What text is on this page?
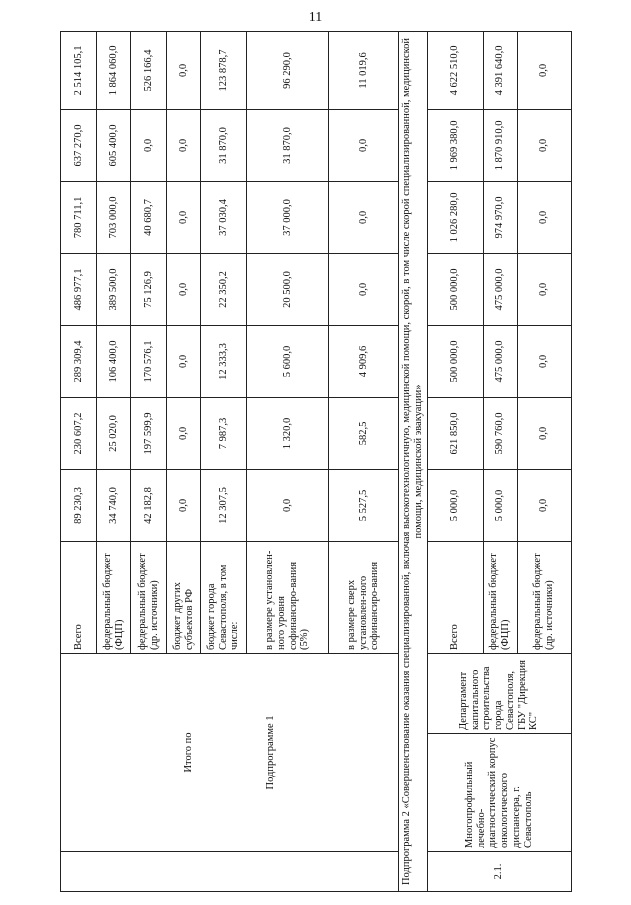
11

	Итого по Подпрограмме 1		Всего	89 230,3	230 607,2	289 309,4	486 977,1	780 711,1	637 270,0	2 514 105,1
			федеральный бюджет (ФЦП)	34 740,0	25 020,0	106 400,0	389 500,0	703 000,0	605 400,0	1 864 060,0
			федеральный бюджет (др. источники)	42 182,8	197 599,9	170 576,1	75 126,9	40 680,7	0,0	526 166,4
			бюджет других субъектов РФ	0,0	0,0	0,0	0,0	0,0	0,0	0,0
			бюджет города Севастополя, в том числе:	12 307,5	7 987,3	12 333,3	22 350,2	37 030,4	31 870,0	123 878,7
			в размере установлен-ного уровня софинансиро-вания (5%)	0,0	1 320,0	5 600,0	20 500,0	37 000,0	31 870,0	96 290,0
			в размере сверх установлен-ного софинансиро-вания	5 527,5	582,5	4 909,6	0,0	0,0	0,0	11 019,6
Подпрограмма 2 «Совершенствование оказания специализированной, включая высокотехнологичную, медицинской помощи, скорой, в том числе скорой специализированной, медицинской помощи, медицинской эвакуации»										
2.1.	Многопрофильный лечебно-диагностический корпус онкологического диспансера, г. Севастополь	Департамент капитального строительства города Севастополя, ГБУ "Дирекция КС"	Всего	5 000,0	621 850,0	500 000,0	500 000,0	1 026 280,0	1 969 380,0	4 622 510,0
			федеральный бюджет (ФЦП)	5 000,0	590 760,0	475 000,0	475 000,0	974 970,0	1 870 910,0	4 391 640,0
			федеральный бюджет (др. источники)	0,0	0,0	0,0	0,0	0,0	0,0	0,0
